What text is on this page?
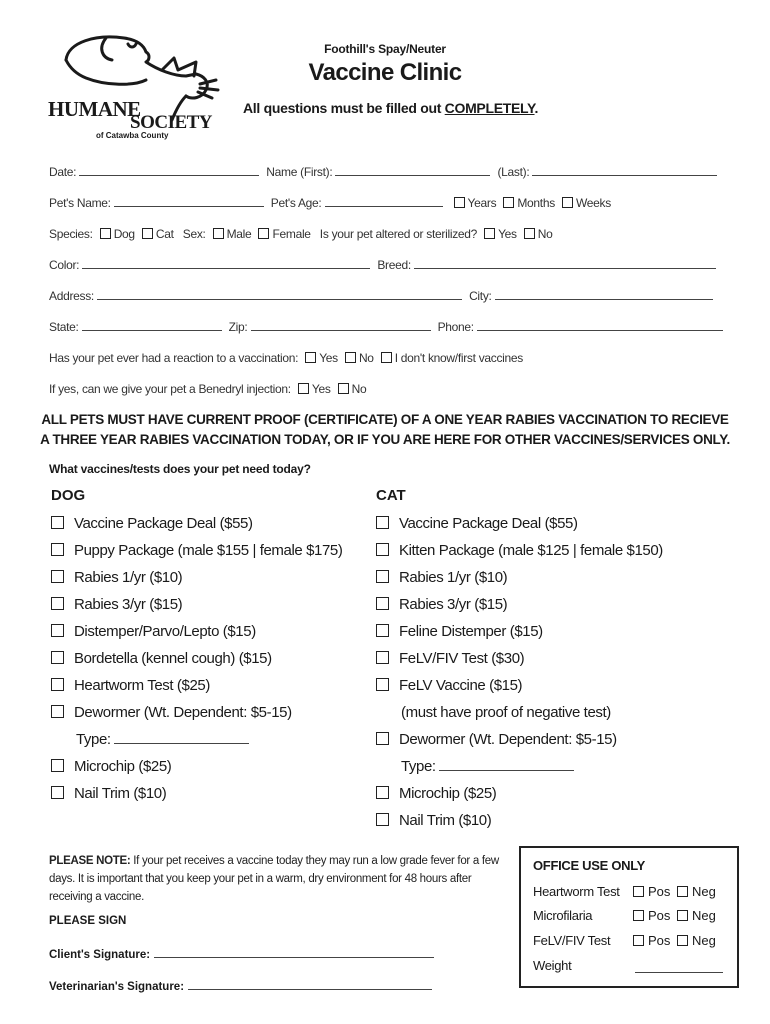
HUMANE
SOCIETY
of Catawba County
Foothill's Spay/Neuter
Vaccine Clinic
All questions must be filled out COMPLETELY.
Date:	Name (First):	(Last):
Pet's Name:	Pet's Age:	Years Months Weeks
Species: Dog Cat Sex: Male Female Is your pet altered or sterilized? Yes No
Color:	Breed:
Address:	City:
State:	Zip:	Phone:
Has your pet ever had a reaction to a vaccination: Yes No I don't know/first vaccines
If yes, can we give your pet a Benedryl injection: Yes No
ALL PETS MUST HAVE CURRENT PROOF (CERTIFICATE) OF A ONE YEAR RABIES VACCINATION TO RECIEVE A THREE YEAR RABIES VACCINATION TODAY, OR IF YOU ARE HERE FOR OTHER VACCINES/SERVICES ONLY.
What vaccines/tests does your pet need today?
DOG
Vaccine Package Deal ($55)
Puppy Package (male $155 | female $175)
Rabies 1/yr ($10)
Rabies 3/yr ($15)
Distemper/Parvo/Lepto ($15)
Bordetella (kennel cough) ($15)
Heartworm Test ($25)
Dewormer (Wt. Dependent: $5-15)
Type:
Microchip ($25)
Nail Trim ($10)
CAT
Vaccine Package Deal ($55)
Kitten Package (male $125 | female $150)
Rabies 1/yr ($10)
Rabies 3/yr ($15)
Feline Distemper ($15)
FeLV/FIV Test ($30)
FeLV Vaccine ($15)
(must have proof of negative test)
Dewormer (Wt. Dependent: $5-15)
Type:
Microchip ($25)
Nail Trim ($10)
PLEASE NOTE: If your pet receives a vaccine today they may run a low grade fever for a few days. It is important that you keep your pet in a warm, dry environment for 48 hours after receiving a vaccine.
PLEASE SIGN
Client's Signature:
Veterinarian's Signature:
OFFICE USE ONLY
Heartworm Test	Pos Neg
Microfilaria	Pos Neg
FeLV/FIV Test	Pos Neg
Weight
